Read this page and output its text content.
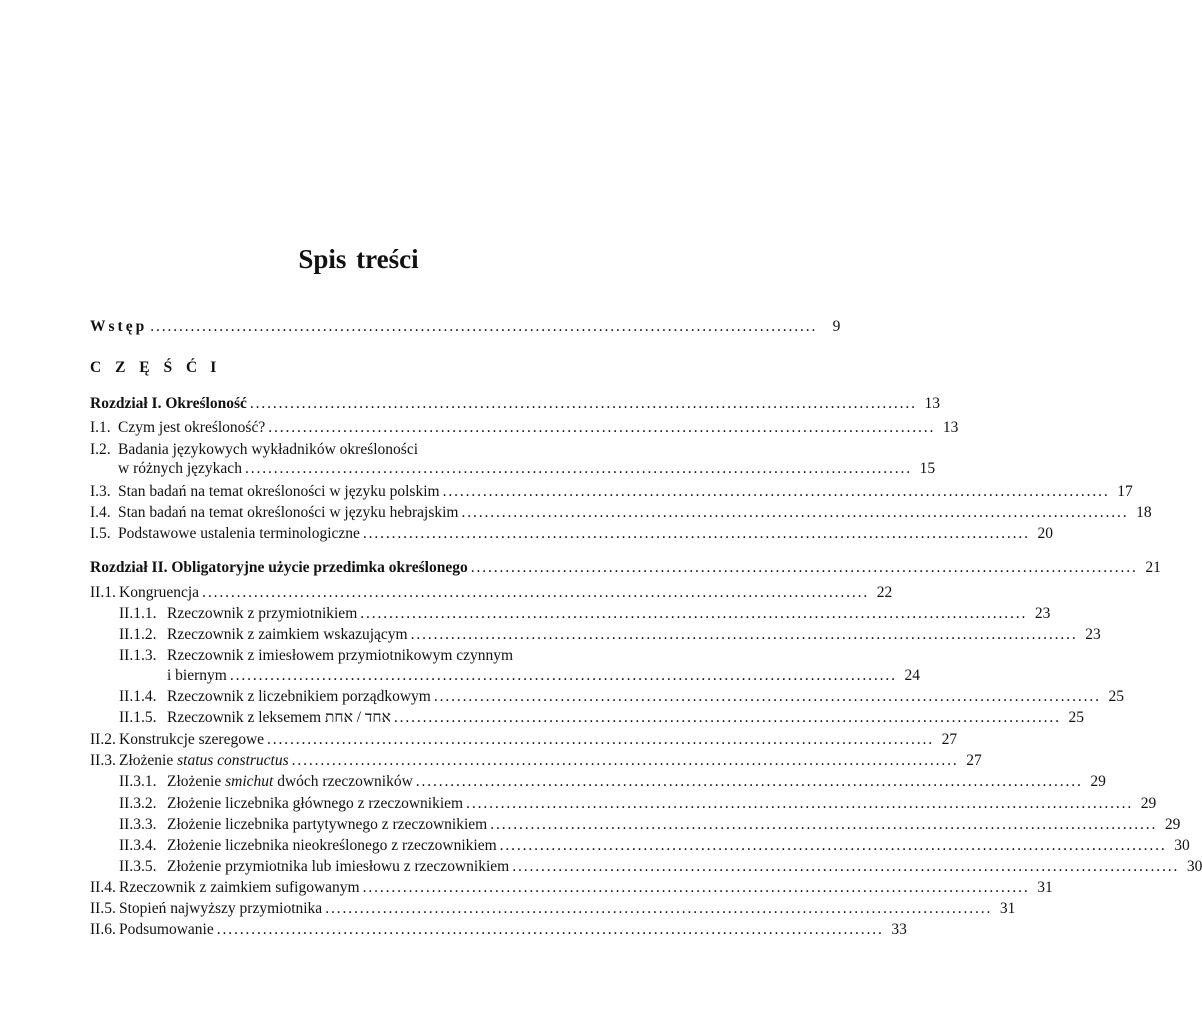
Spis treści
Wstęp . . .	9
C Z Ę Ś Ć I
Rozdział I. Określoność . . .	13
I.1. Czym jest określoność? . . .	13
I.2. Badania językowych wykładników określoności
w różnych językach . . .	15
I.3. Stan badań na temat określoności w języku polskim . . .	17
I.4. Stan badań na temat określoności w języku hebrajskim . . .	18
I.5. Podstawowe ustalenia terminologiczne . . .	20
Rozdział II. Obligatoryjne użycie przedimka określonego . . .	21
II.1. Kongruencja . . .	22
II.1.1. Rzeczownik z przymiotnikiem . . .	23
II.1.2. Rzeczownik z zaimkiem wskazującym . . .	23
II.1.3. Rzeczownik z imiesłowem przymiotnikowym czynnym
i biernym . . .	24
II.1.4. Rzeczownik z liczebnikiem porządkowym . . .	25
II.1.5. Rzeczownik z leksemem אחד / אחת . . .	25
II.2. Konstrukcje szeregowe . . .	27
II.3. Złożenie status constructus . . .	27
II.3.1. Złożenie smichut dwóch rzeczowników . . .	29
II.3.2. Złożenie liczebnika głównego z rzeczownikiem . . .	29
II.3.3. Złożenie liczebnika partytywnego z rzeczownikiem . . .	29
II.3.4. Złożenie liczebnika nieokreślonego z rzeczownikiem . . .	30
II.3.5. Złożenie przymiotnika lub imiesłowu z rzeczownikiem . . .	30
II.4. Rzeczownik z zaimkiem sufigowanym . . .	31
II.5. Stopień najwyższy przymiotnika . . .	31
II.6. Podsumowanie . . .	33
